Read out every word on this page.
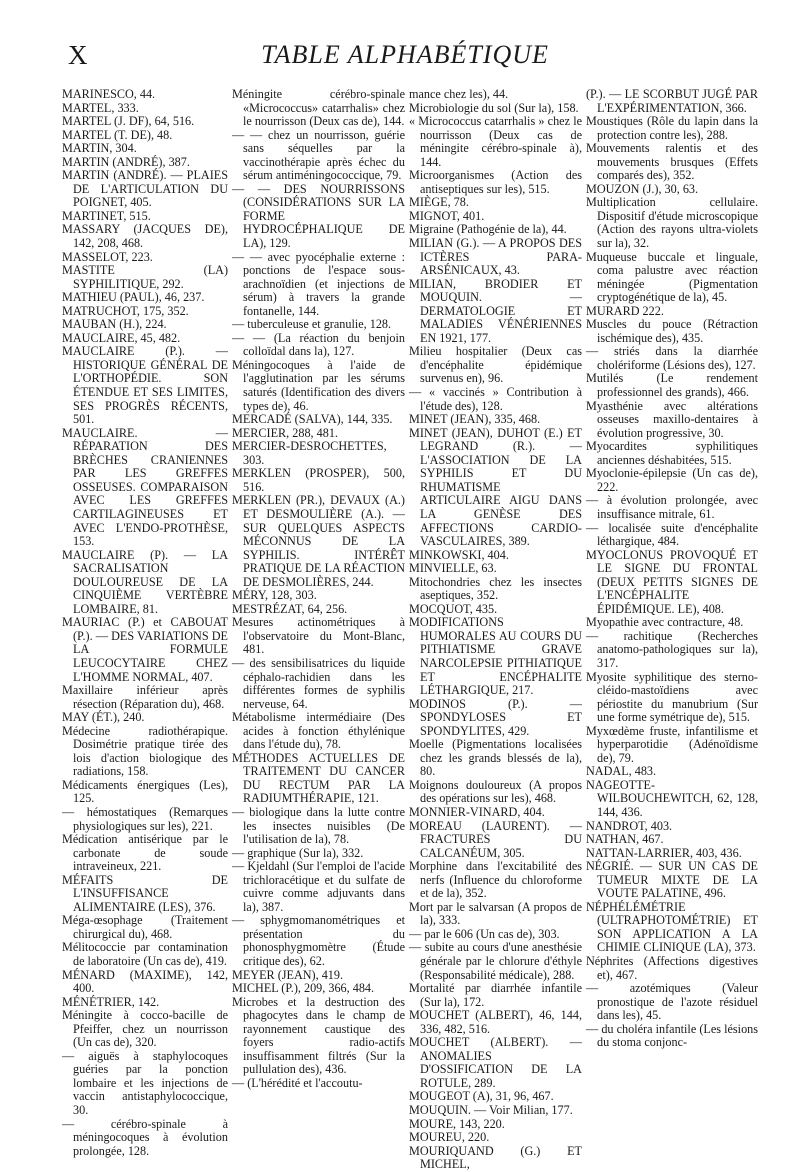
X	TABLE ALPHABÉTIQUE

MARINESCO, 44.

MARTEL, 333.

MARTEL (J. DF), 64, 516.

MARTEL (T. DE), 48.

MARTIN, 304.

MARTIN (ANDRÉ), 387.

MARTIN (ANDRÉ). — PLAIES DE L'ARTICULATION DU POIGNET, 405.

MARTINET, 515.

MASSARY (JACQUES DE), 142, 208, 468.

MASSELOT, 223.

MASTITE (LA) SYPHILITIQUE, 292.

MATHIEU (PAUL), 46, 237.

MATRUCHOT, 175, 352.

MAUBAN (H.), 224.

MAUCLAIRE, 45, 482.

MAUCLAIRE (P.). — HISTORIQUE GÉNÉRAL DE L'ORTHOPÉDIE. SON ÉTENDUE ET SES LIMITES, SES PROGRÈS RÉCENTS, 501.

MAUCLAIRE. — RÉPARATION DES BRÈCHES CRANIENNES PAR LES GREFFES OSSEUSES. COMPARAISON AVEC LES GREFFES CARTILAGINEUSES ET AVEC L'ENDO-PROTHÈSE, 153.

MAUCLAIRE (P). — LA SACRALISATION DOULOUREUSE DE LA CINQUIÈME VERTÈBRE LOMBAIRE, 81.

MAURIAC (P.) et CABOUAT (P.). — DES VARIATIONS DE LA FORMULE LEUCOCYTAIRE CHEZ L'HOMME NORMAL, 407.

Maxillaire inférieur après résection (Réparation du), 468.

MAY (ÉT.), 240.

Médecine radiothérapique. Dosimétrie pratique tirée des lois d'action biologique des radiations, 158.

Médicaments énergiques (Les), 125.

— hémostatiques (Remarques physiologiques sur les), 221.

Médication antisérique par le carbonate de soude intraveineux, 221.

MÉFAITS DE L'INSUFFISANCE ALIMENTAIRE (LES), 376.

Méga-œsophage (Traitement chirurgical du), 468.

Mélitococcie par contamination de laboratoire (Un cas de), 419.

MÉNARD (MAXIME), 142, 400.

MÉNÉTRIER, 142.

Méningite à cocco-bacille de Pfeiffer, chez un nourrisson (Un cas de), 320.

— aiguës à staphylocoques guéries par la ponction lombaire et les injections de vaccin antistaphylococcique, 30.

— cérébro-spinale à méningocoques à évolution prolongée, 128.

Méningite cérébro-spinale «Micrococcus» catarrhalis» chez le nourrisson (Deux cas de), 144.

— — chez un nourrisson, guérie sans séquelles par la vaccinothérapie après échec du sérum antiméningococcique, 79.

— — DES NOURRISSONS (CONSIDÉRATIONS SUR LA FORME HYDROCÉPHALIQUE DE LA), 129.

— — avec pyocéphalie externe : ponctions de l'espace sous-arachnoïdien (et injections de sérum) à travers la grande fontanelle, 144.

— tuberculeuse et granulie, 128.

— — (La réaction du benjoin colloïdal dans la), 127.

Méningocoques à l'aide de l'agglutination par les sérums saturés (Identification des divers types de), 46.

MERCADÉ (SALVA), 144, 335.

MERCIER, 288, 481.

MERCIER-DESROCHETTES, 303.

MERKLEN (PROSPER), 500, 516.

MERKLEN (PR.), DEVAUX (A.) ET DESMOULIÈRE (A.). — SUR QUELQUES ASPECTS MÉCONNUS DE LA SYPHILIS. INTÉRÊT PRATIQUE DE LA RÉACTION DE DESMOLIÈRES, 244.

MÉRY, 128, 303.

MESTRÉZAT, 64, 256.

Mesures actinométriques à l'observatoire du Mont-Blanc, 481.

— des sensibilisatrices du liquide céphalo-rachidien dans les différentes formes de syphilis nerveuse, 64.

Métabolisme intermédiaire (Des acides à fonction éthylénique dans l'étude du), 78.

MÉTHODES ACTUELLES DE TRAITEMENT DU CANCER DU RECTUM PAR LA RADIUMTHÉRAPIE, 121.

— biologique dans la lutte contre les insectes nuisibles (De l'utilisation de la), 78.

— graphique (Sur la), 332.

— Kjeldahl (Sur l'emploi de l'acide trichloracétique et du sulfate de cuivre comme adjuvants dans la), 387.

— sphygmomanométriques et présentation du phonosphygmomètre (Étude critique des), 62.

MEYER (JEAN), 419.

MICHEL (P.), 209, 366, 484.

Microbes et la destruction des phagocytes dans le champ de rayonnement caustique des foyers radio-actifs insuffisamment filtrés (Sur la pullulation des), 436.

— (L'hérédité et l'accoutu-

mance chez les), 44.

Microbiologie du sol (Sur la), 158.

« Micrococcus catarrhalis » chez le nourrisson (Deux cas de méningite cérébro-spinale à), 144.

Microorganismes (Action des antiseptiques sur les), 515.

MIÈGE, 78.

MIGNOT, 401.

Migraine (Pathogénie de la), 44.

MILIAN (G.). — A PROPOS DES ICTÈRES PARA-ARSÉNICAUX, 43.

MILIAN, BRODIER ET MOUQUIN. — DERMATOLOGIE ET MALADIES VÉNÉRIENNES EN 1921, 177.

Milieu hospitalier (Deux cas d'encéphalite épidémique survenus en), 96.

— « vaccinés » Contribution à l'étude des), 128.

MINET (JEAN), 335, 468.

MINET (JEAN), DUHOT (E.) ET LEGRAND (R.). — L'ASSOCIATION DE LA SYPHILIS ET DU RHUMATISME ARTICULAIRE AIGU DANS LA GENÈSE DES AFFECTIONS CARDIO-VASCULAIRES, 389.

MINKOWSKI, 404.

MINVIELLE, 63.

Mitochondries chez les insectes aseptiques, 352.

MOCQUOT, 435.

MODIFICATIONS HUMORALES AU COURS DU PITHIATISME GRAVE NARCOLEPSIE PITHIATIQUE ET ENCÉPHALITE LÉTHARGIQUE, 217.

MODINOS (P.). — SPONDYLOSES ET SPONDYLITES, 429.

Moelle (Pigmentations localisées chez les grands blessés de la), 80.

Moignons douloureux (A propos des opérations sur les), 468.

MONNIER-VINARD, 404.

MOREAU (LAURENT). — FRACTURES DU CALCANÉUM, 305.

Morphine dans l'excitabilité des nerfs (Influence du chloroforme et de la), 352.

Mort par le salvarsan (A propos de la), 333.

— par le 606 (Un cas de), 303.

— subite au cours d'une anesthésie générale par le chlorure d'éthyle (Responsabilité médicale), 288.

Mortalité par diarrhée infantile (Sur la), 172.

MOUCHET (ALBERT), 46, 144, 336, 482, 516.

MOUCHET (ALBERT). — ANOMALIES D'OSSIFICATION DE LA ROTULE, 289.

MOUGEOT (A), 31, 96, 467.

MOUQUIN. — Voir Milian, 177.

MOURE, 143, 220.

MOUREU, 220.

MOURIQUAND (G.) ET MICHEL,

(P.). — LE SCORBUT JUGÉ PAR L'EXPÉRIMENTATION, 366.

Moustiques (Rôle du lapin dans la protection contre les), 288.

Mouvements ralentis et des mouvements brusques (Effets comparés des), 352.

MOUZON (J.), 30, 63.

Multiplication cellulaire. Dispositif d'étude microscopique (Action des rayons ultra-violets sur la), 32.

Muqueuse buccale et linguale, coma palustre avec réaction méningée (Pigmentation cryptogénétique de la), 45.

MURARD 222.

Muscles du pouce (Rétraction ischémique des), 435.

— striés dans la diarrhée cholériforme (Lésions des), 127.

Mutilés (Le rendement professionnel des grands), 466.

Myasthénie avec altérations osseuses maxillo-dentaires à évolution progressive, 30.

Myocardites syphilitiques anciennes déshabitées, 515.

Myoclonie-épilepsie (Un cas de), 222.

— à évolution prolongée, avec insuffisance mitrale, 61.

— localisée suite d'encéphalite léthargique, 484.

MYOCLONUS PROVOQUÉ ET LE SIGNE DU FRONTAL (DEUX PETITS SIGNES DE L'ENCÉPHALITE ÉPIDÉMIQUE. LE), 408.

Myopathie avec contracture, 48.

— rachitique (Recherches anatomo-pathologiques sur la), 317.

Myosite syphilitique des sterno-cléido-mastoïdiens avec périostite du manubrium (Sur une forme symétrique de), 515.

Myxœdème fruste, infantilisme et hyperparotidie (Adénoïdisme de), 79.

NADAL, 483.

NAGEOTTE-WILBOUCHEWITCH, 62, 128, 144, 436.

NANDROT, 403.

NATHAN, 467.

NATTAN-LARRIER, 403, 436.

NÉGRIÉ. — SUR UN CAS DE TUMEUR MIXTE DE LA VOUTE PALATINE, 496.

NÉPHÉLÉMÉTRIE (ULTRAPHOTOMÉTRIE) ET SON APPLICATION A LA CHIMIE CLINIQUE (LA), 373.

Néphrites (Affections digestives et), 467.

— azotémiques (Valeur pronostique de l'azote résiduel dans les), 45.

— du choléra infantile (Les lésions du stoma conjonc-
